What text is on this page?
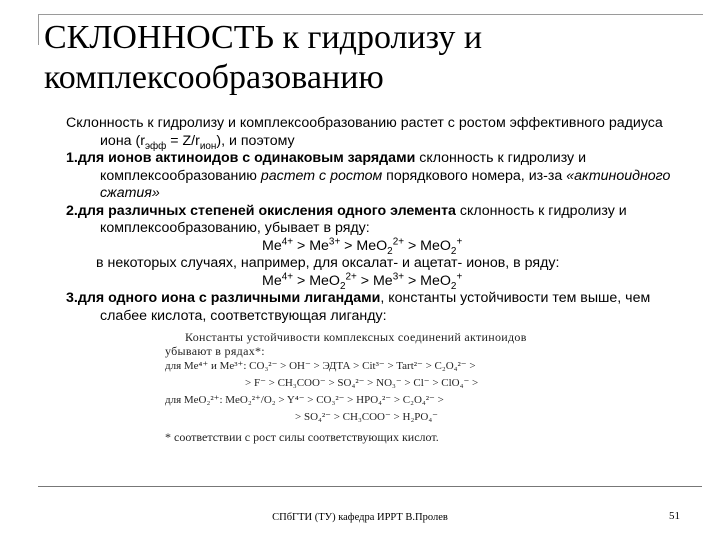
СКЛОННОСТЬ к гидролизу и комплексообразованию

Склонность к гидролизу и комплексообразованию растет с ростом эффективного радиуса иона $(r_{эфф} = Z/r_{ион})$, и поэтому

1.для ионов актиноидов с одинаковым зарядами склонность к гидролизу и комплексообразованию растет с ростом порядкового номера, из-за «актиноидного сжатия»

2.для различных степеней окисления одного элемента склонность к гидролизу и комплексообразованию, убывает в ряду:

$Me^{4+} > Me^{3+} > MeO_2^{2+} > MeO_2^+$

в некоторых случаях, например, для оксалат- и ацетат- ионов, в ряду:

$Me^{4+} > MeO_2^{2+} > Me^{3+} > MeO_2^+$

3.для одного иона с различными лигандами, константы устойчивости тем выше, чем слабее кислота, соответствующая лиганду:

Константы устойчивости комплексных соединений актиноидов

убывают в рядах*:

для Me⁴⁺ и Me³⁺: CO₃²⁻ > OH⁻ > ЭДТА > Cit³⁻ > Tart²⁻ > C₂O₄²⁻ >

> F⁻ > CH₃COO⁻ > SO₄²⁻ > NO₃⁻ > Cl⁻ > ClO₄⁻ >

для MeO₂²⁺: MeO₂²⁺/O₂ > Y⁴⁻ > CO₃²⁻ > HPO₄²⁻ > C₂O₄²⁻ >

> SO₄²⁻ > CH₃COO⁻ > H₂PO₄⁻

* соответствии с рост силы соответствующих кислот.

СПбГТИ (ТУ) кафедра ИРРТ В.Пролев	51
